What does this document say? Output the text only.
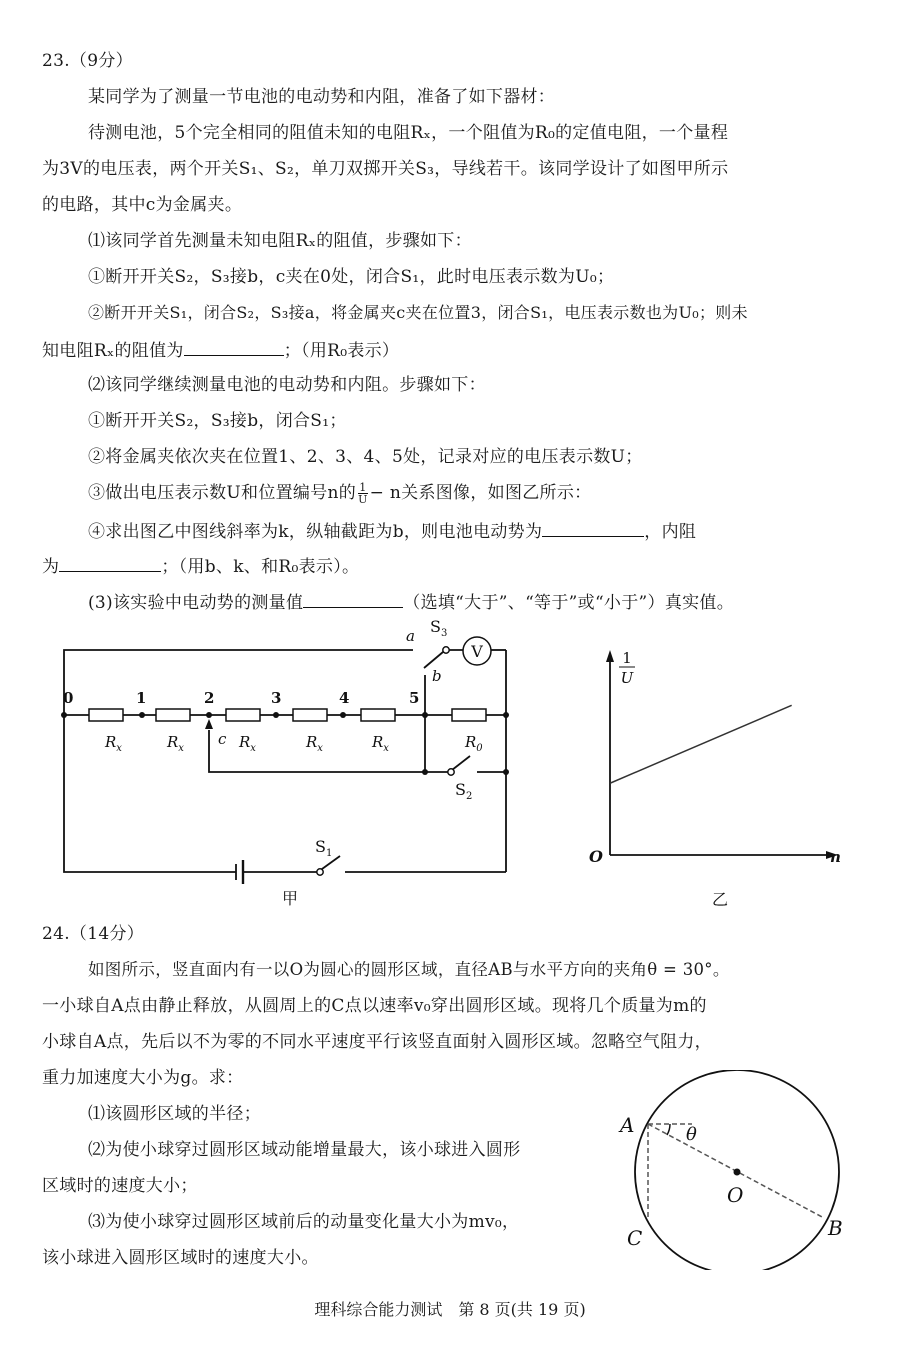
23.（9分）
某同学为了测量一节电池的电动势和内阻，准备了如下器材：
待测电池，5个完全相同的阻值未知的电阻Rₓ，一个阻值为R₀的定值电阻，一个量程
为3V的电压表，两个开关S₁、S₂，单刀双掷开关S₃，导线若干。该同学设计了如图甲所示
的电路，其中c为金属夹。
⑴该同学首先测量未知电阻Rₓ的阻值，步骤如下：
①断开开关S₂，S₃接b，c夹在0处，闭合S₁，此时电压表示数为U₀；
②断开开关S₁，闭合S₂，S₃接a，将金属夹c夹在位置3，闭合S₁，电压表示数也为U₀；则未
知电阻Rₓ的阻值为	；（用R₀表示）
⑵该同学继续测量电池的电动势和内阻。步骤如下：
①断开开关S₂，S₃接b，闭合S₁；
②将金属夹依次夹在位置1、2、3、4、5处，记录对应的电压表示数U；
③做出电压表示数U和位置编号n的 $\frac{1}{U} - n$关系图像，如图乙所示：
④求出图乙中图线斜率为k，纵轴截距为b，则电池电动势为	，内阻
为	；（用b、k、和R₀表示）。
(3)该实验中电动势的测量值	（选填“大于”、“等于”或“小于”）真实值。
V
0	1	2	3	4	5
$R_x$	$R_x$	$R_x$	$R_x$	$R_x$	$R_0$
c
a
b
$S_3$
$S_2$
$S_1$
甲
1
U
n
O
乙
24.（14分）
如图所示，竖直面内有一以O为圆心的圆形区域，直径AB与水平方向的夹角θ = 30°。
一小球自A点由静止释放，从圆周上的C点以速率v₀穿出圆形区域。现将几个质量为m的
小球自A点，先后以不为零的不同水平速度平行该竖直面射入圆形区域。忽略空气阻力，
重力加速度大小为g。求：
⑴该圆形区域的半径；
⑵为使小球穿过圆形区域动能增量最大，该小球进入圆形
区域时的速度大小；
⑶为使小球穿过圆形区域前后的动量变化量大小为mv₀，
该小球进入圆形区域时的速度大小。
A	θ
O
B
C
理科综合能力测试　第 8 页(共 19 页)
